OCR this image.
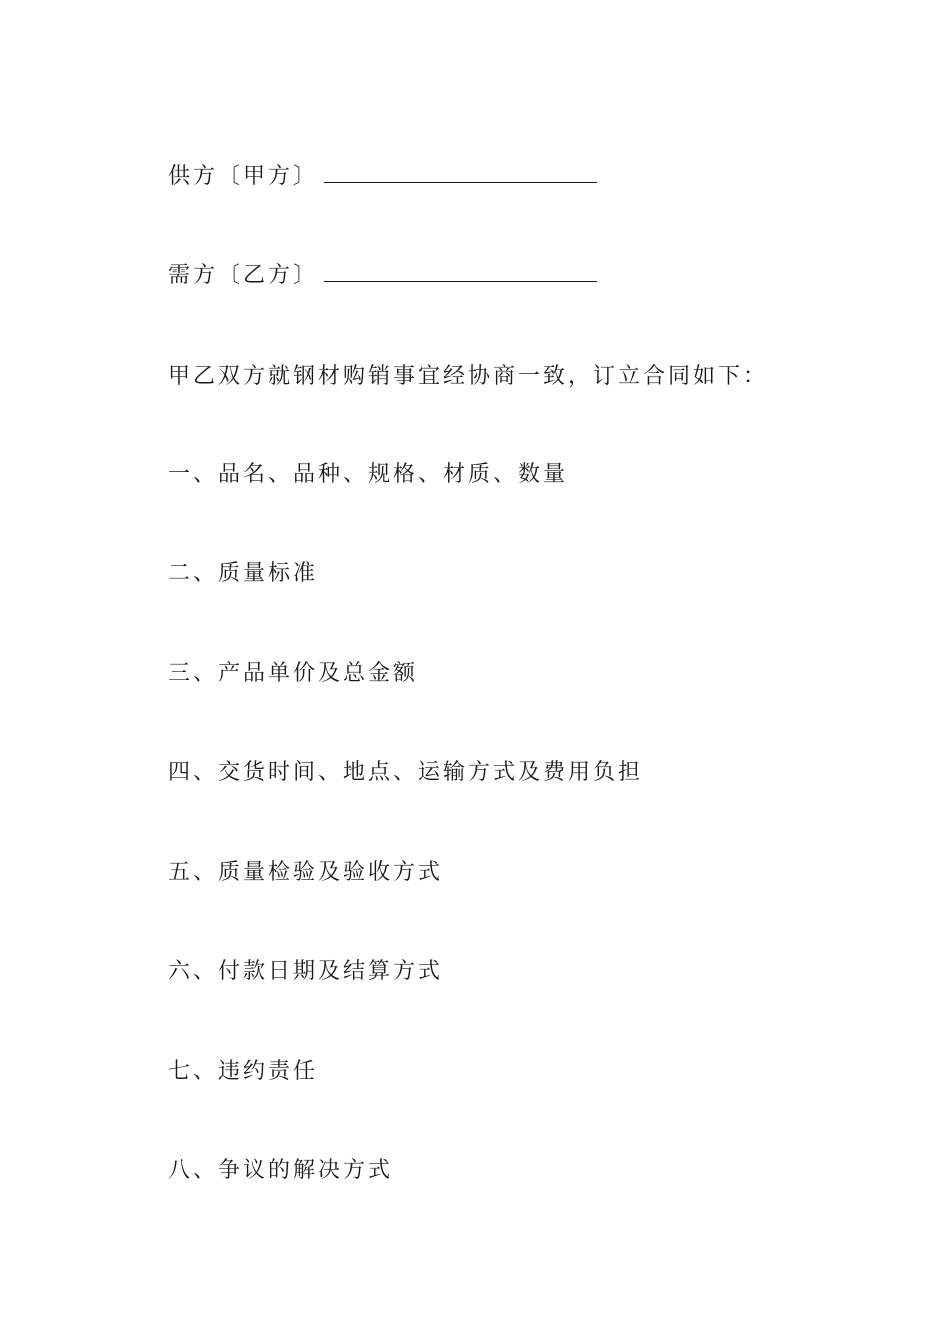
供方〔甲方〕
需方〔乙方〕
甲乙双方就钢材购销事宜经协商一致，订立合同如下：
一、品名、品种、规格、材质、数量
二、质量标准
三、产品单价及总金额
四、交货时间、地点、运输方式及费用负担
五、质量检验及验收方式
六、付款日期及结算方式
七、违约责任
八、争议的解决方式
